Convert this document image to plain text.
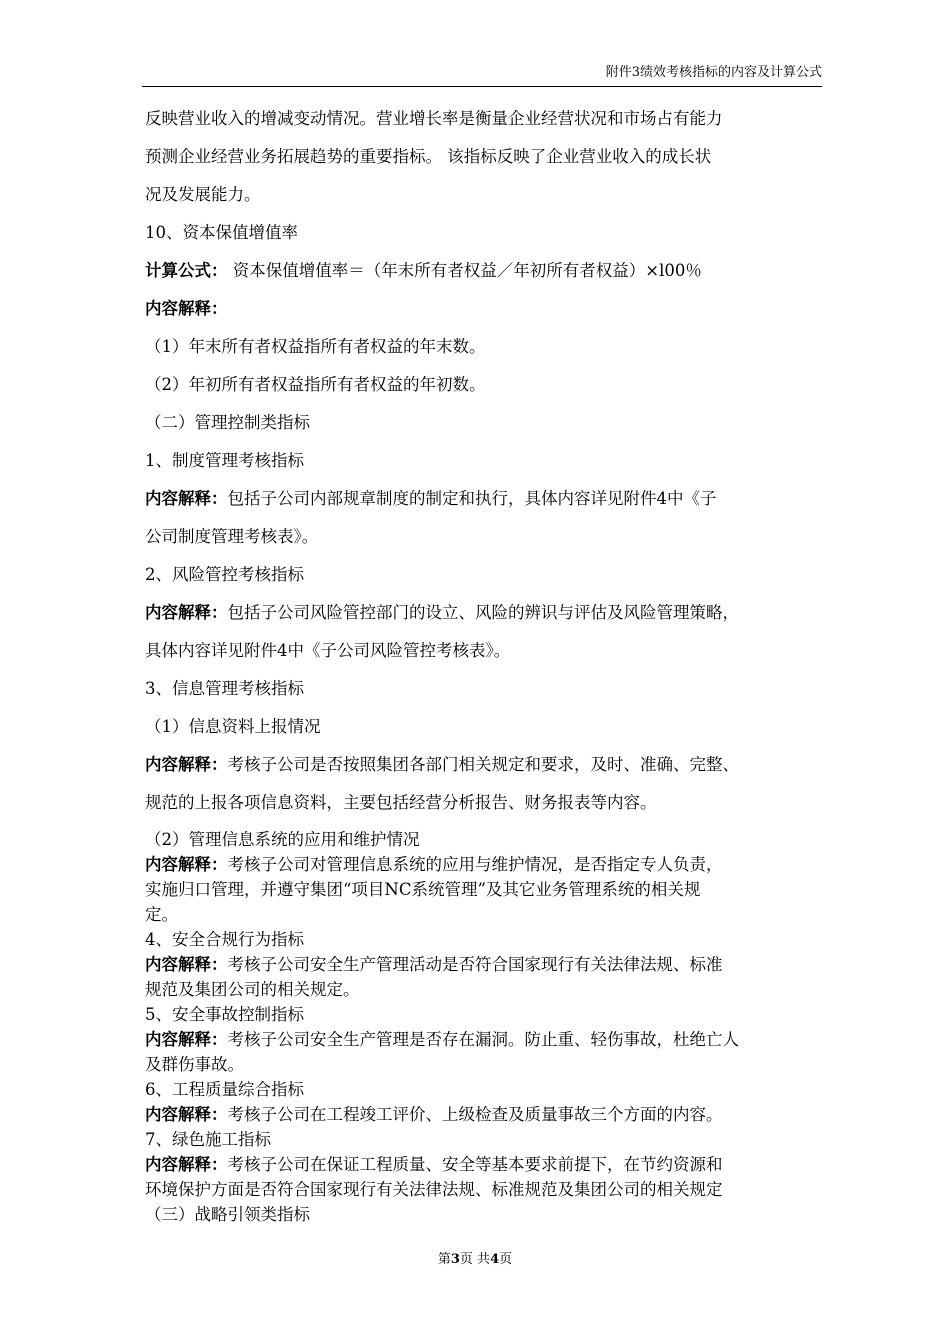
附件3绩效考核指标的内容及计算公式

反映营业收入的增减变动情况。营业增长率是衡量企业经营状况和市场占有能力

预测企业经营业务拓展趋势的重要指标。 该指标反映了企业营业收入的成长状

况及发展能力。

10、资本保值增值率

计算公式： 资本保值增值率＝（年末所有者权益／年初所有者权益）×l00％

内容解释：

（1）年末所有者权益指所有者权益的年末数。

（2）年初所有者权益指所有者权益的年初数。

（二）管理控制类指标

1、制度管理考核指标

内容解释：包括子公司内部规章制度的制定和执行，具体内容详见附件4中《子

公司制度管理考核表》。

2、风险管控考核指标

内容解释：包括子公司风险管控部门的设立、风险的辨识与评估及风险管理策略，

具体内容详见附件4中《子公司风险管控考核表》。

3、信息管理考核指标

（1）信息资料上报情况

内容解释：考核子公司是否按照集团各部门相关规定和要求，及时、准确、完整、

规范的上报各项信息资料，主要包括经营分析报告、财务报表等内容。

（2）管理信息系统的应用和维护情况

内容解释：考核子公司对管理信息系统的应用与维护情况，是否指定专人负责，

实施归口管理，并遵守集团“项目NC系统管理”及其它业务管理系统的相关规

定。

4、安全合规行为指标

内容解释：考核子公司安全生产管理活动是否符合国家现行有关法律法规、标准

规范及集团公司的相关规定。

5、安全事故控制指标

内容解释：考核子公司安全生产管理是否存在漏洞。防止重、轻伤事故，杜绝亡人

及群伤事故。

6、工程质量综合指标

内容解释：考核子公司在工程竣工评价、上级检查及质量事故三个方面的内容。

7、绿色施工指标

内容解释：考核子公司在保证工程质量、安全等基本要求前提下，在节约资源和

环境保护方面是否符合国家现行有关法律法规、标准规范及集团公司的相关规定

（三）战略引领类指标

第3页 共4页
